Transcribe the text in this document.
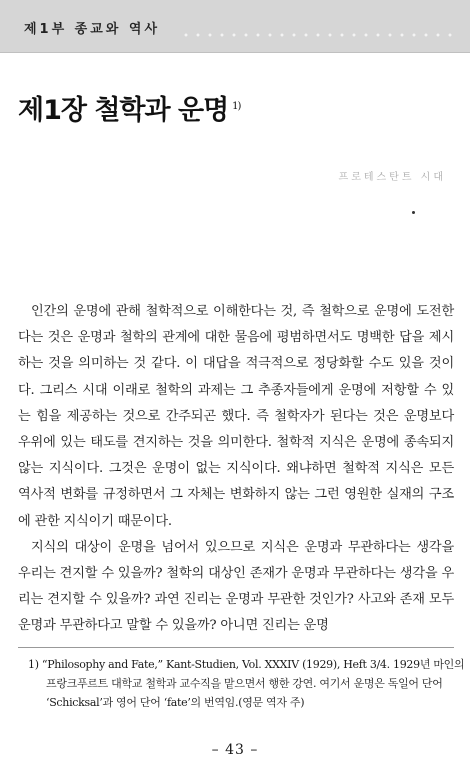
제1부 종교와 역사
제1장 철학과 운명 $^{1)}$
프로테스탄트 시대

인간의 운명에 관해 철학적으로 이해한다는 것, 즉 철학으로 운명에 도전한다는 것은 운명과 철학의 관계에 대한 물음에 평범하면서도 명백한 답을 제시하는 것을 의미하는 것 같다. 이 대답을 적극적으로 정당화할 수도 있을 것이다. 그리스 시대 이래로 철학의 과제는 그 추종자들에게 운명에 저항할 수 있는 힘을 제공하는 것으로 간주되곤 했다. 즉 철학자가 된다는 것은 운명보다 우위에 있는 태도를 견지하는 것을 의미한다. 철학적 지식은 운명에 종속되지 않는 지식이다. 그것은 운명이 없는 지식이다. 왜냐하면 철학적 지식은 모든 역사적 변화를 규정하면서 그 자체는 변화하지 않는 그런 영원한 실재의 구조에 관한 지식이기 때문이다.

지식의 대상이 운명을 넘어서 있으므로 지식은 운명과 무관하다는 생각을 우리는 견지할 수 있을까? 철학의 대상인 존재가 운명과 무관하다는 생각을 우리는 견지할 수 있을까? 과연 진리는 운명과 무관한 것인가? 사고와 존재 모두 운명과 무관하다고 말할 수 있을까? 아니면 진리는 운명

1) “Philosophy and Fate,” Kant-Studien, Vol. XXXIV (1929), Heft 3/4. 1929년 마인의 프랑크푸르트 대학교 철학과 교수직을 맡으면서 행한 강연. 여기서 운명은 독일어 단어 ‘Schicksal’과 영어 단어 ‘fate’의 번역임.(영문 역자 주)
– 43 –
